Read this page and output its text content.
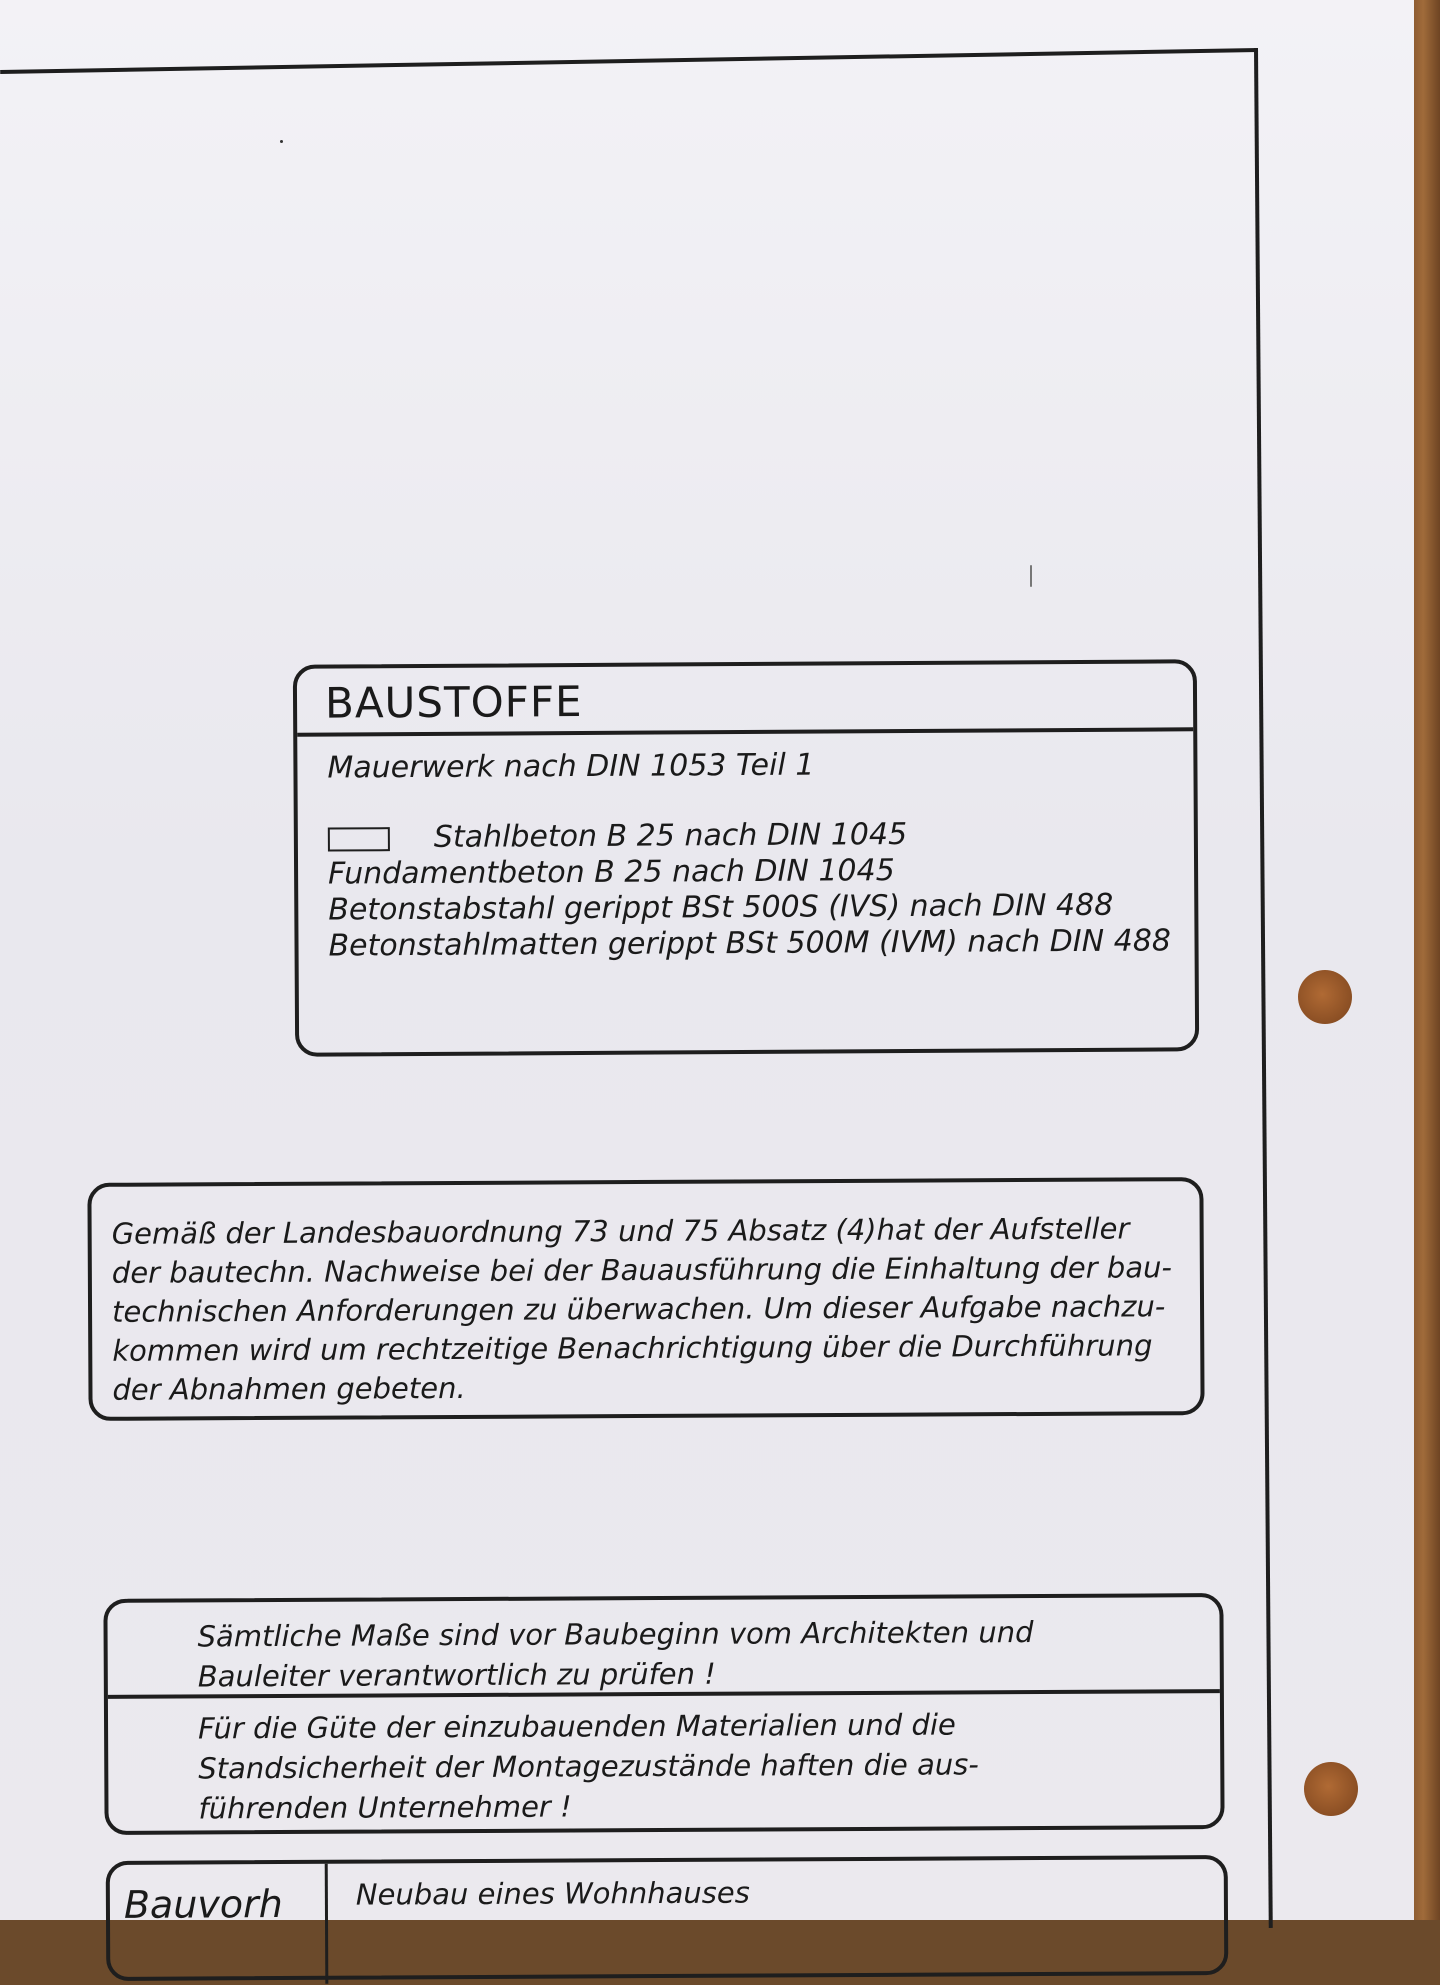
BAUSTOFFE
Mauerwerk nach DIN 1053 Teil 1
Stahlbeton B 25 nach DIN 1045
Fundamentbeton B 25 nach DIN 1045
Betonstabstahl gerippt BSt 500S (IVS) nach DIN 488
Betonstahlmatten gerippt BSt 500M (IVM) nach DIN 488
Gemäß der Landesbauordnung 73 und 75 Absatz (4)hat der Aufsteller
der bautechn. Nachweise bei der Bauausführung die Einhaltung der bau-
technischen Anforderungen zu überwachen. Um dieser Aufgabe nachzu-
kommen wird um rechtzeitige Benachrichtigung über die Durchführung
der Abnahmen gebeten.
Sämtliche Maße sind vor Baubeginn vom Architekten und
Bauleiter verantwortlich zu prüfen !
Für die Güte der einzubauenden Materialien und die
Standsicherheit der Montagezustände haften die aus-
führenden Unternehmer !
Bauvorh	Neubau eines Wohnhauses
